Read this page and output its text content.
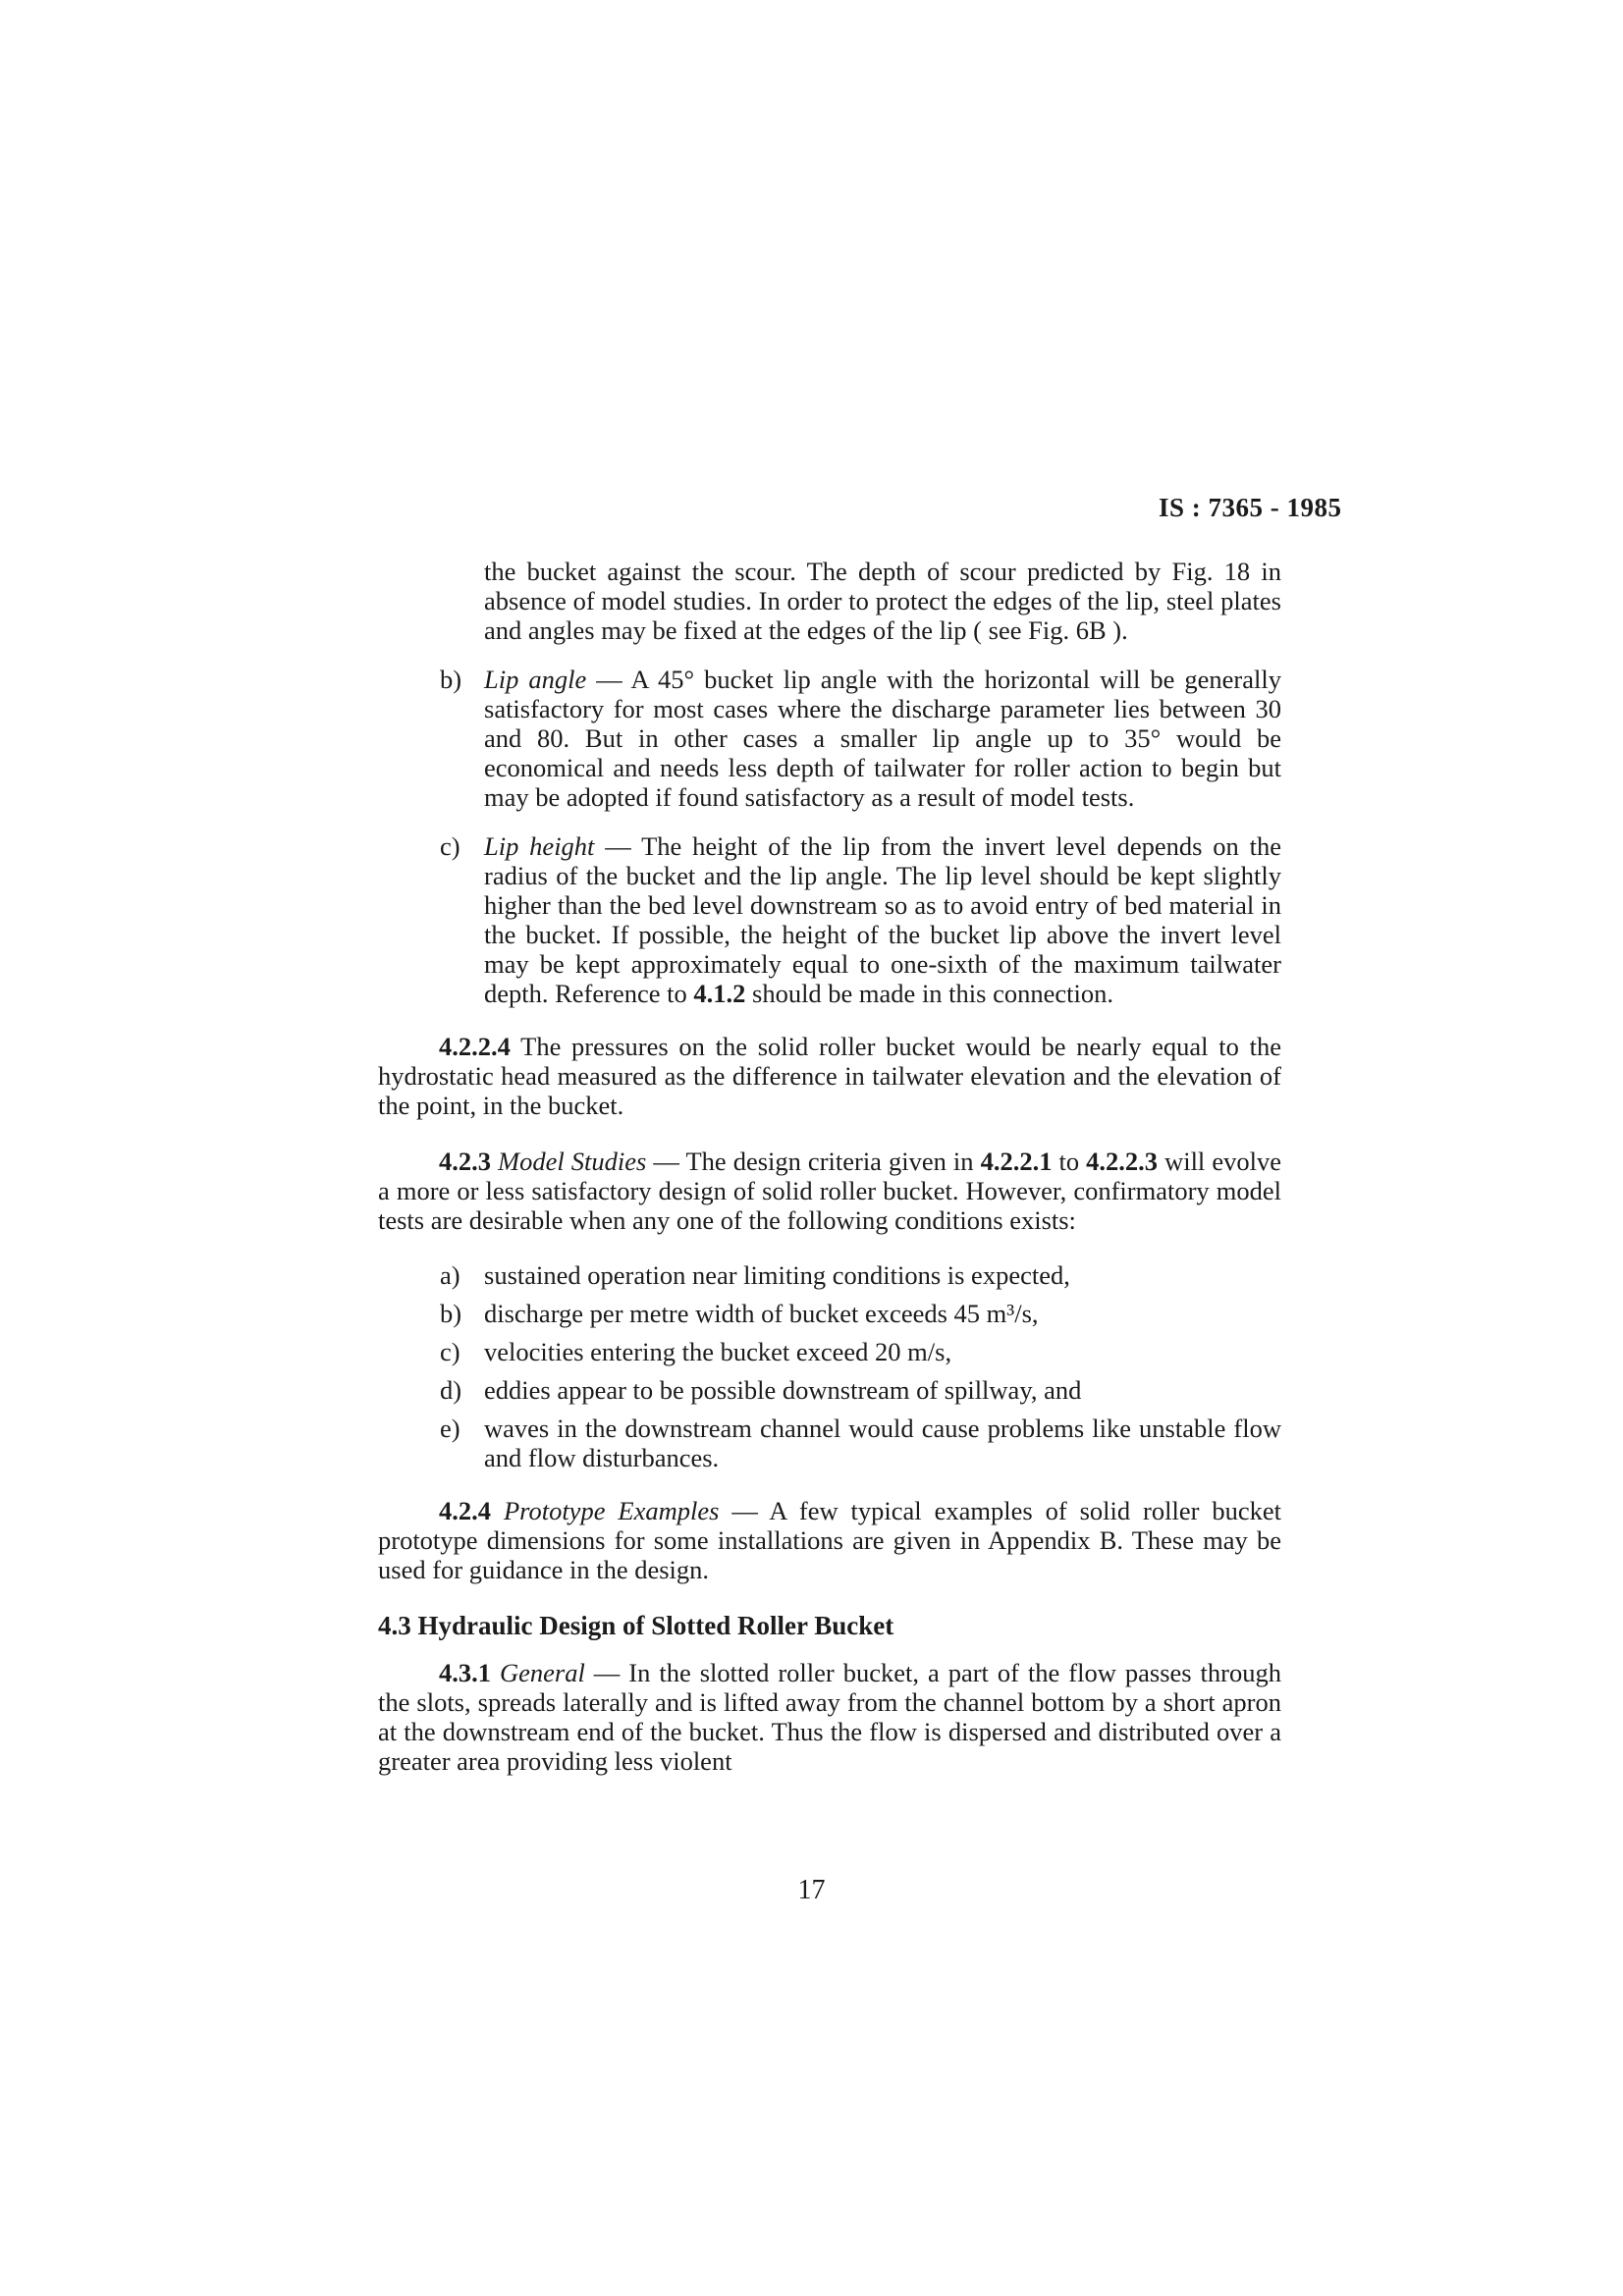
IS : 7365 - 1985

the bucket against the scour. The depth of scour predicted by Fig. 18 in absence of model studies. In order to protect the edges of the lip, steel plates and angles may be fixed at the edges of the lip ( see Fig. 6B ).

b) Lip angle — A 45° bucket lip angle with the horizontal will be generally satisfactory for most cases where the discharge parameter lies between 30 and 80. But in other cases a smaller lip angle up to 35° would be economical and needs less depth of tailwater for roller action to begin but may be adopted if found satisfactory as a result of model tests.

c) Lip height — The height of the lip from the invert level depends on the radius of the bucket and the lip angle. The lip level should be kept slightly higher than the bed level downstream so as to avoid entry of bed material in the bucket. If possible, the height of the bucket lip above the invert level may be kept approximately equal to one-sixth of the maximum tailwater depth. Reference to 4.1.2 should be made in this connection.

4.2.2.4 The pressures on the solid roller bucket would be nearly equal to the hydrostatic head measured as the difference in tailwater elevation and the elevation of the point, in the bucket.

4.2.3 Model Studies — The design criteria given in 4.2.2.1 to 4.2.2.3 will evolve a more or less satisfactory design of solid roller bucket. However, confirmatory model tests are desirable when any one of the following conditions exists:

a) sustained operation near limiting conditions is expected,

b) discharge per metre width of bucket exceeds 45 m³/s,

c) velocities entering the bucket exceed 20 m/s,

d) eddies appear to be possible downstream of spillway, and

e) waves in the downstream channel would cause problems like unstable flow and flow disturbances.

4.2.4 Prototype Examples — A few typical examples of solid roller bucket prototype dimensions for some installations are given in Appendix B. These may be used for guidance in the design.

4.3 Hydraulic Design of Slotted Roller Bucket

4.3.1 General — In the slotted roller bucket, a part of the flow passes through the slots, spreads laterally and is lifted away from the channel bottom by a short apron at the downstream end of the bucket. Thus the flow is dispersed and distributed over a greater area providing less violent

17
